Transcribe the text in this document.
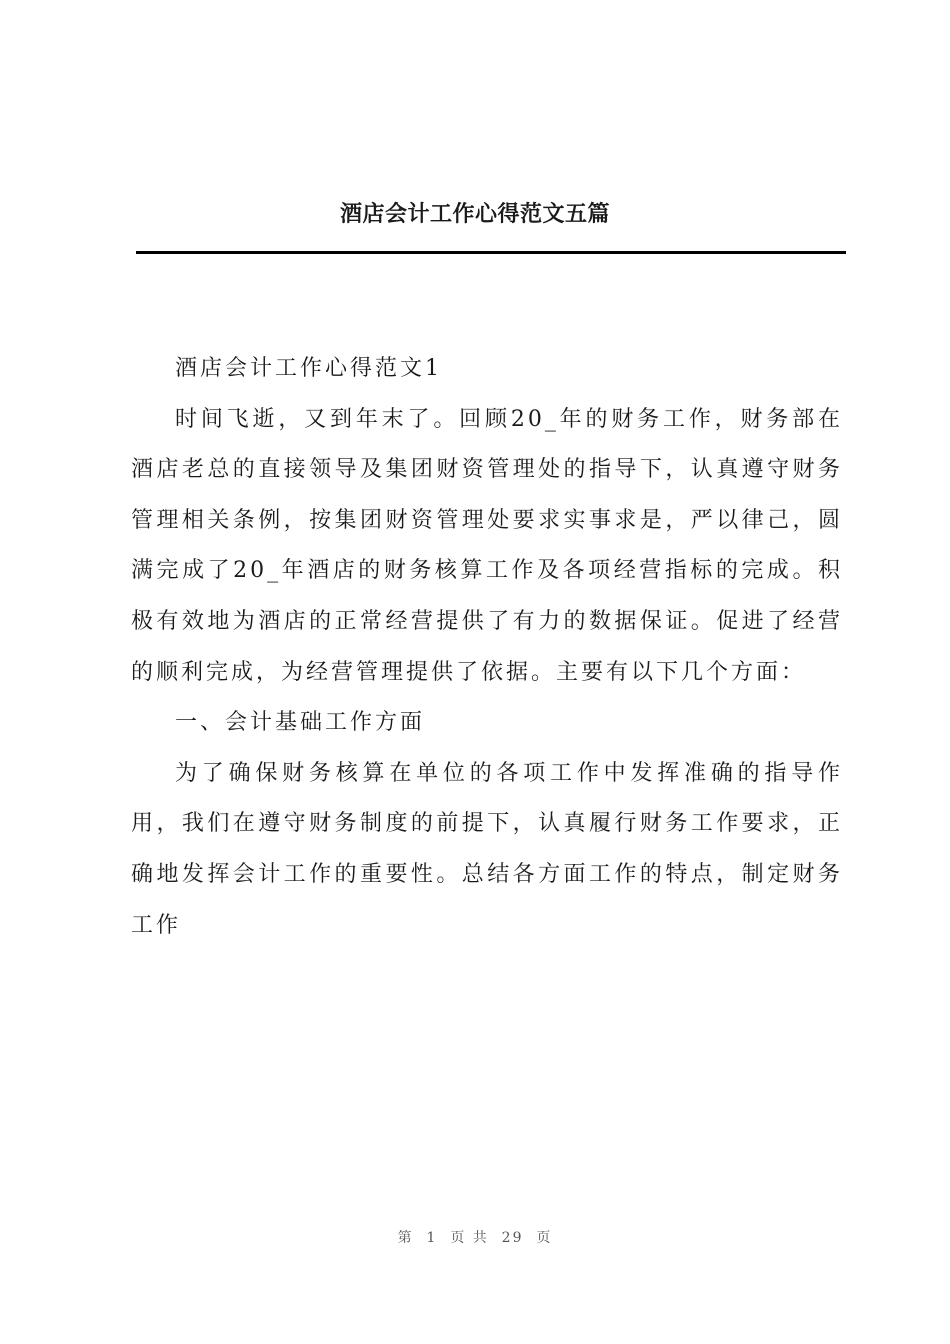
酒店会计工作心得范文五篇

酒店会计工作心得范文1

时间飞逝，又到年末了。回顾20_年的财务工作，财务部在酒店老总的直接领导及集团财资管理处的指导下，认真遵守财务管理相关条例，按集团财资管理处要求实事求是，严以律己，圆满完成了20_年酒店的财务核算工作及各项经营指标的完成。积极有效地为酒店的正常经营提供了有力的数据保证。促进了经营的顺利完成，为经营管理提供了依据。主要有以下几个方面：

一、会计基础工作方面

为了确保财务核算在单位的各项工作中发挥准确的指导作用，我们在遵守财务制度的前提下，认真履行财务工作要求，正确地发挥会计工作的重要性。总结各方面工作的特点，制定财务工作

第  1  页 共  29  页
